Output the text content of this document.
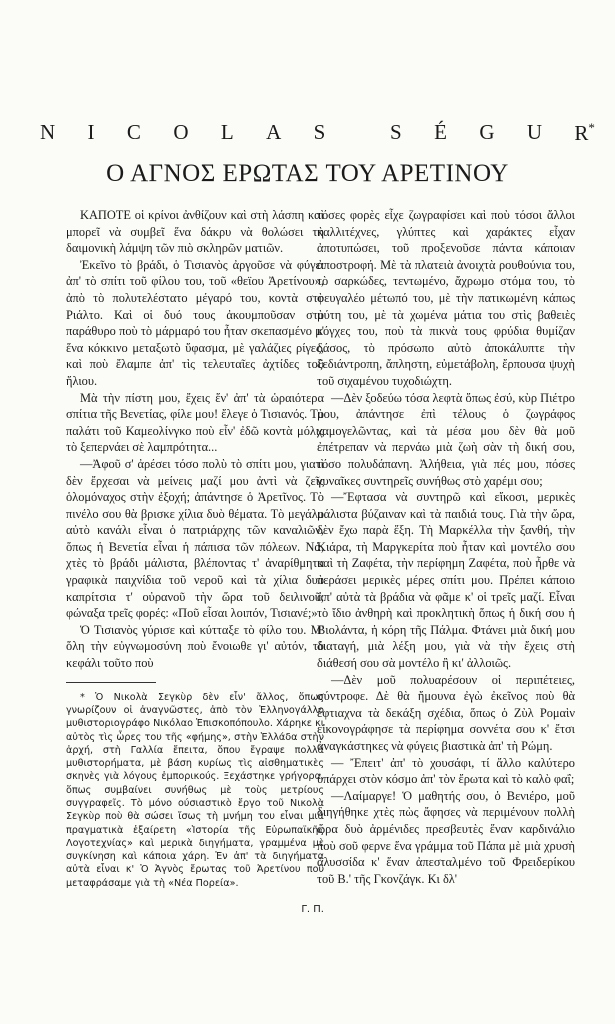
N I C O L A S	S É G U R*
Ο ΑΓΝΟΣ ΕΡΩΤΑΣ ΤΟΥ ΑΡΕΤΙΝΟΥ

ΚΑΠΟΤΕ οἱ κρίνοι ἀνθίζουν καὶ στὴ λάσπη καὶ μπορεῖ νὰ συμβεῖ ἕνα δάκρυ νὰ θολώσει τὴ δαιμονικὴ λάμψη τῶν πιὸ σκληρῶν ματιῶν.

Ἐκεῖνο τὸ βράδι, ὁ Τισιανὸς ἀργοῦσε νὰ φύγει ἀπ' τὸ σπίτι τοῦ φίλου του, τοῦ «θεϊου Ἀρετίνου», ἀπὸ τὸ πολυτελέστατο μέγαρό του, κοντὰ στὸ Ριάλτο. Καὶ οἱ δυό τους ἀκουμποῦσαν στὸ παράθυρο ποὺ τὸ μάρμαρό του ἦταν σκεπασμένο μ' ἕνα κόκκινο μεταξωτὸ ὕφασμα, μὲ γαλάζιες ρίγες, καὶ ποὺ ἔλαμπε ἀπ' τὶς τελευταῖες ἀχτίδες τοῦ ἥλιου.

Μὰ τὴν πίστη μου, ἔχεις ἕν' ἀπ' τὰ ὡραιότερα σπίτια τῆς Βενετίας, φίλε μου! ἔλεγε ὁ Τισιανός. Τὸ παλάτι τοῦ Καμεολίνγκο ποὺ εἶν' ἐδῶ κοντὰ μόλις τὸ ξεπερνάει σὲ λαμπρότητα...

—Ἀφοῦ σ' ἀρέσει τόσο πολὺ τὸ σπίτι μου, γιατὶ δὲν ἔρχεσαι νὰ μείνεις μαζί μου ἀντὶ νὰ ζεῖς ὁλομόναχος στὴν ἐξοχή; ἀπάντησε ὁ Ἀρετῖνος. Τὸ πινέλο σου θὰ βρισκε χίλια δυὸ θέματα. Τὸ μεγάλο αὐτὸ κανάλι εἶναι ὁ πατριάρχης τῶν καναλιῶν, ὅπως ἡ Βενετία εἶναι ἡ πάπισα τῶν πόλεων. Νά, χτὲς τὸ βράδι μάλιστα, βλέποντας τ' ἀναρίθμητα γραφικὰ παιχνίδια τοῦ νεροῦ καὶ τὰ χίλια δυὸ καπρίτσια τ' οὐρανοῦ τὴν ὥρα τοῦ δειλινοῦ, φώναξα τρεῖς φορές: «Ποῦ εἶσαι λοιπόν, Τισιανέ;»

Ὁ Τισιανὸς γύρισε καὶ κύτταξε τὸ φίλο του. Μ' ὅλη τὴν εὐγνωμοσύνη ποὺ ἔνοιωθε γι' αὐτόν, τὸ κεφάλι τοῦτο ποὺ

* Ὁ Νικολὰ Σεγκὺρ δὲν εἶν' ἄλλος, ὅπως γνωρίζουν οἱ ἀναγνῶστες, ἀπὸ τὸν Ἑλληνογάλλο μυθιστοριογράφο Νικόλαο Ἐπισκοπόπουλο. Χάρηκε κι αὐτὸς τὶς ὧρες του τῆς «φήμης», στὴν Ἑλλάδα στὴν ἀρχή, στὴ Γαλλία ἔπειτα, ὅπου ἔγραψε πολλὰ μυθιστορήματα, μὲ βάση κυρίως τὶς αἰσθηματικὲς σκηνὲς γιὰ λόγους ἐμπορικούς. Ξεχάστηκε γρήγορα, ὅπως συμβαίνει συνήθως μὲ τοὺς μετρίους συγγραφεῖς. Τὸ μόνο ούσιαστικὸ ἔργο τοῦ Νικολὰ Σεγκὺρ ποὺ θὰ σώσει ἴσως τὴ μνήμη του εἶναι μιὰ πραγματικὰ ἐξαίρετη «Ἱστορία τῆς Εὐρωπαϊκῆς Λογοτεχνίας» καὶ μερικὰ διηγήματα, γραμμένα μὲ συγκίνηση καὶ κάποια χάρη. Ἐν ἀπ' τὰ διηγήματα αὐτὰ εἶναι κ' Ὁ Ἀγνὸς ἔρωτας τοῦ Ἀρετίνου ποὺ μεταφράσαμε γιὰ τὴ «Νέα Πορεία».

Γ. Π.

τόσες φορὲς εἶχε ζωγραφίσει καὶ ποὺ τόσοι ἄλλοι καλλιτέχνες, γλύπτες καὶ χαράκτες εἶχαν ἀποτυπώσει, τοῦ προξενοῦσε πάντα κάποιαν ἀποστροφή. Μὲ τὰ πλατειὰ ἀνοιχτὰ ρουθούνια του, τὸ σαρκώδες, τεντωμένο, ἄχρωμο στόμα του, τὸ φευγαλέο μέτωπό του, μὲ τὴν πατικωμένη κάπως μύτη του, μὲ τὰ χωμένα μάτια του στὶς βαθειὲς κόγχες του, ποὺ τὰ πικνὰ τους φρύδια θυμίζαν δάσος, τὸ πρόσωπο αὐτὸ ἀποκάλυπτε τὴν ξεδιάντροπη, ἄπληστη, εὐμετάβολη, ἔρπουσα ψυχὴ τοῦ σιχαμένου τυχοδιώχτη.

—Δὲν ξοδεύω τόσα λεφτὰ ὅπως ἐσύ, κὺρ Πιέτρο μου, ἀπάντησε ἐπὶ τέλους ὁ ζωγράφος χαμογελῶντας, καὶ τὰ μέσα μου δὲν θὰ μοῦ ἐπέτρεπαν νὰ περνάω μιὰ ζωὴ σὰν τὴ δική σου, τόσο πολυδάπανη. Ἀλήθεια, γιὰ πές μου, πόσες γυναῖκες συντηρεῖς συνήθως στὸ χαρέμι σου;

—Ἔφτασα νὰ συντηρῶ καὶ εἴκοσι, μερικὲς μάλιστα βύζαιναν καὶ τὰ παιδιά τους. Γιὰ τὴν ὥρα, δὲν ἔχω παρὰ ἕξη. Τὴ Μαρκέλλα τὴν ξανθή, τὴν Κιάρα, τὴ Μαργκερίτα ποὺ ἦταν καὶ μοντέλο σου καὶ τὴ Ζαφέτα, τὴν περίφημη Ζαφέτα, ποὺ ἦρθε νὰ περάσει μερικὲς μέρες σπίτι μου. Πρέπει κάποιο ἀπ' αὐτὰ τὰ βράδια νὰ φᾶμε κ' οἱ τρεῖς μαζί. Εἶναι τὸ ἴδιο ἀνθηρὴ καὶ προκλητικὴ ὅπως ἡ δική σου ἡ Βιολάντα, ἡ κόρη τῆς Πάλμα. Φτάνει μιὰ δική μου διαταγή, μιὰ λέξη μου, γιὰ νὰ τὴν ἔχεις στὴ διάθεσή σου σὰ μοντέλο ἢ κι' ἀλλοιῶς.

—Δὲν μοῦ πολυαρέσουν οἱ περιπέτειες, σύντροφε. Δὲ θὰ ἤμουνα ἐγὼ ἐκεῖνος ποὺ θὰ ἔφτιαχνα τὰ δεκάξη σχέδια, ὅπως ὁ Ζὺλ Ρομαὶν εἰκονογράφησε τὰ περίφημα σοννέτα σου κ' ἔτσι ἀναγκάστηκες νὰ φύγεις βιαστικὰ ἀπ' τὴ Ρώμη.

— Ἔπειτ' ἀπ' τὸ χουσάφι, τί ἄλλο καλύτερο ὑπάρχει στὸν κόσμο ἀπ' τὸν ἔρωτα καὶ τὸ καλὸ φαΐ;

—Λαίμαργε! Ὁ μαθητής σου, ὁ Βενιέρο, μοῦ διηγήθηκε χτὲς πὼς ἄφησες νὰ περιμένουν πολλὴ ὥρα δυὸ ἀρμένιδες πρεσβευτὲς ἕναν καρδινάλιο ποὺ σοῦ φερνε ἕνα γράμμα τοῦ Πάπα μὲ μιὰ χρυσὴ ἁλυσσίδα κ' ἕναν ἀπεσταλμένο τοῦ Φρειδερίκου τοῦ Β.' τῆς Γκονζάγκ. Κι δλ'
